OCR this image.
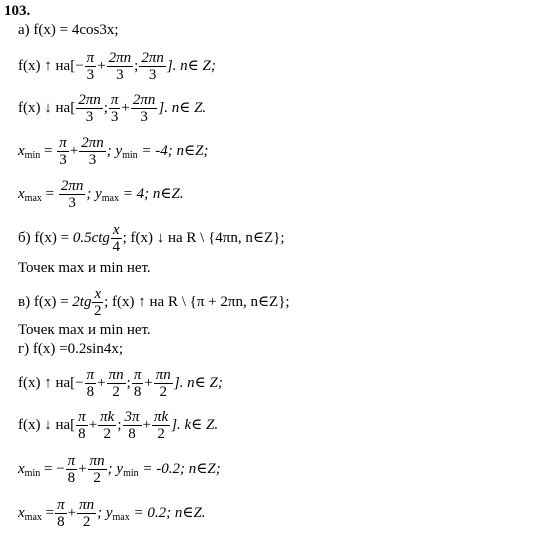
103.
а) f(x) = 4cos3x;
f(x) ↑ $на[- \frac{\pi}{3} + \frac{2\pi n}{3}$ ; $\frac{2\pi n}{3}$ ]. n∈ Z;
f(x) ↓ $на[ \frac{2\pi n}{3}$ ; $\frac{\pi}{3} + \frac{2\pi n}{3}$ ]. n∈ Z.
$x_{min} = \frac{\pi}{3} + \frac{2\pi n}{3}$ ; $y_{min} = -4$; n∈Z;
$x_{max} = \frac{2\pi n}{3}$ ; $y_{max} = 4$; n∈Z.
б) $f(x) = 0.5ctg \frac{x}{4}$ ; f(x) ↓ на R \ {4πn, n∈Z};
Точек max и min нет.
в) $f(x) = 2tg \frac{x}{2}$ ; f(x) ↑ на R \ {π + 2πn, n∈Z};
Точек max и min нет.
г) f(x) =0.2sin4x;
f(x) ↑ $на[- \frac{\pi}{8} + \frac{\pi n}{2}$ ; $\frac{\pi}{8} + \frac{\pi n}{2}$ ]. n∈ Z;
f(x) ↓ $на[ \frac{\pi}{8} + \frac{\pi k}{2}$ ; $\frac{3\pi}{8} + \frac{\pi k}{2}$ ]. k∈ Z.
$x_{min}$ = − $\frac{\pi}{8} + \frac{\pi n}{2}$ ; $y_{min} = -0.2$; n∈Z;
$x_{max} = \frac{\pi}{8} + \frac{\pi n}{2}$ ; $y_{max} = 0.2$; n∈Z.
